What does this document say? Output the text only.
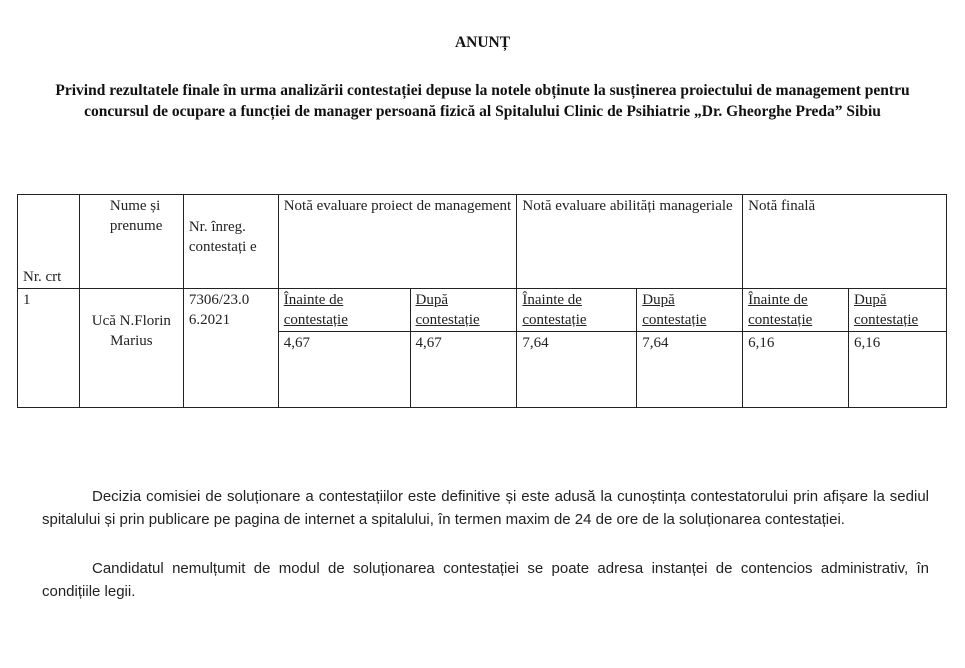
ANUNȚ
Privind rezultatele finale în urma analizării contestației depuse la notele obținute la susținerea proiectului de management pentru concursul de ocupare a funcției de manager persoană fizică al Spitalului Clinic de Psihiatrie „Dr. Gheorghe Preda” Sibiu
Nr. crt	Nume și prenume	Nr. înreg. contestați e	Notă evaluare proiect de management		Notă evaluare abilități manageriale		Notă finală	
1	Ucă N.Florin Marius	7306/23.0 6.2021	Înainte de contestație	După contestație	Înainte de contestație	După contestație	Înainte de contestație	După contestație
			4,67	4,67	7,64	7,64	6,16	6,16

Decizia comisiei de soluționare a contestațiilor este definitive și este adusă la cunoștința contestatorului prin afișare la sediul spitalului și prin publicare pe pagina de internet a spitalului, în termen maxim de 24 de ore de la soluționarea contestației.

Candidatul nemulțumit de modul de soluționarea contestației se poate adresa instanței de contencios administrativ, în condițiile legii.
